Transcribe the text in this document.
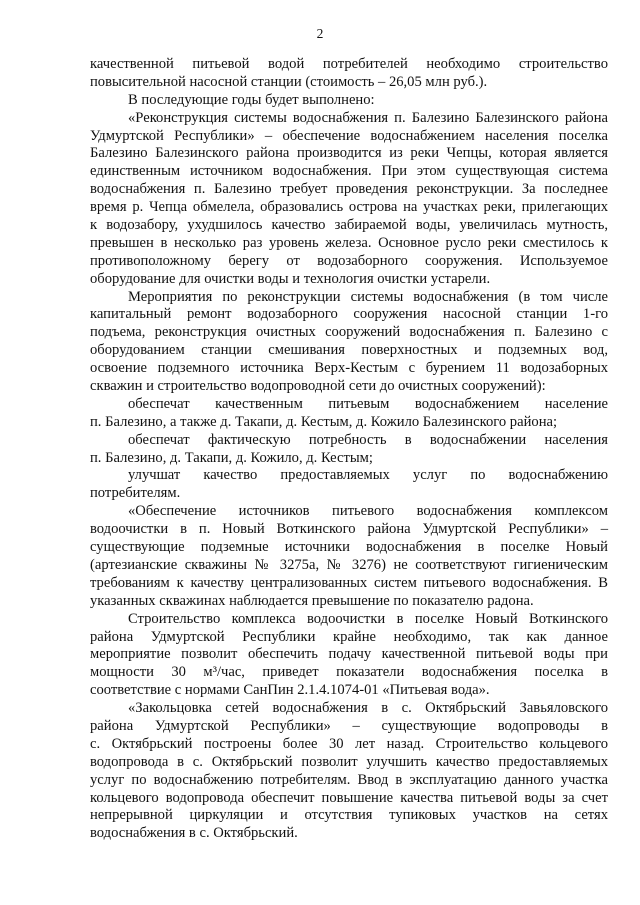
2
качественной питьевой водой потребителей необходимо строительство
повысительной насосной станции (стоимость – 26,05 млн руб.).
В последующие годы будет выполнено:
«Реконструкция системы водоснабжения п. Балезино Балезинского района
Удмуртской Республики» – обеспечение водоснабжением населения поселка
Балезино Балезинского района производится из реки Чепцы, которая является
единственным источником водоснабжения. При этом существующая система
водоснабжения п. Балезино требует проведения реконструкции. За последнее
время р. Чепца обмелела, образовались острова на участках реки, прилегающих
к водозабору, ухудшилось качество забираемой воды, увеличилась мутность,
превышен в несколько раз уровень железа. Основное русло реки сместилось к
противоположному берегу от водозаборного сооружения. Используемое
оборудование для очистки воды и технология очистки устарели.
Мероприятия по реконструкции системы водоснабжения (в том числе
капитальный ремонт водозаборного сооружения насосной станции 1-го
подъема, реконструкция очистных сооружений водоснабжения п. Балезино с
оборудованием станции смешивания поверхностных и подземных вод,
освоение подземного источника Верх-Кестым с бурением 11 водозаборных
скважин и строительство водопроводной сети до очистных сооружений):
обеспечат качественным питьевым водоснабжением население
п. Балезино, а также д. Такапи, д. Кестым, д. Кожило Балезинского района;
обеспечат фактическую потребность в водоснабжении населения
п. Балезино, д. Такапи, д. Кожило, д. Кестым;
улучшат качество предоставляемых услуг по водоснабжению
потребителям.
«Обеспечение источников питьевого водоснабжения комплексом
водоочистки в п. Новый Воткинского района Удмуртской Республики» –
существующие подземные источники водоснабжения в поселке Новый
(артезианские скважины № 3275а, № 3276) не соответствуют гигиеническим
требованиям к качеству централизованных систем питьевого водоснабжения. В
указанных скважинах наблюдается превышение по показателю радона.
Строительство комплекса водоочистки в поселке Новый Воткинского
района Удмуртской Республики крайне необходимо, так как данное
мероприятие позволит обеспечить подачу качественной питьевой воды при
мощности 30 м³/час, приведет показатели водоснабжения поселка в
соответствие с нормами СанПин 2.1.4.1074-01 «Питьевая вода».
«Закольцовка сетей водоснабжения в с. Октябрьский Завьяловского
района Удмуртской Республики» – существующие водопроводы в
с. Октябрьский построены более 30 лет назад. Строительство кольцевого
водопровода в с. Октябрьский позволит улучшить качество предоставляемых
услуг по водоснабжению потребителям. Ввод в эксплуатацию данного участка
кольцевого водопровода обеспечит повышение качества питьевой воды за счет
непрерывной циркуляции и отсутствия тупиковых участков на сетях
водоснабжения в с. Октябрьский.
